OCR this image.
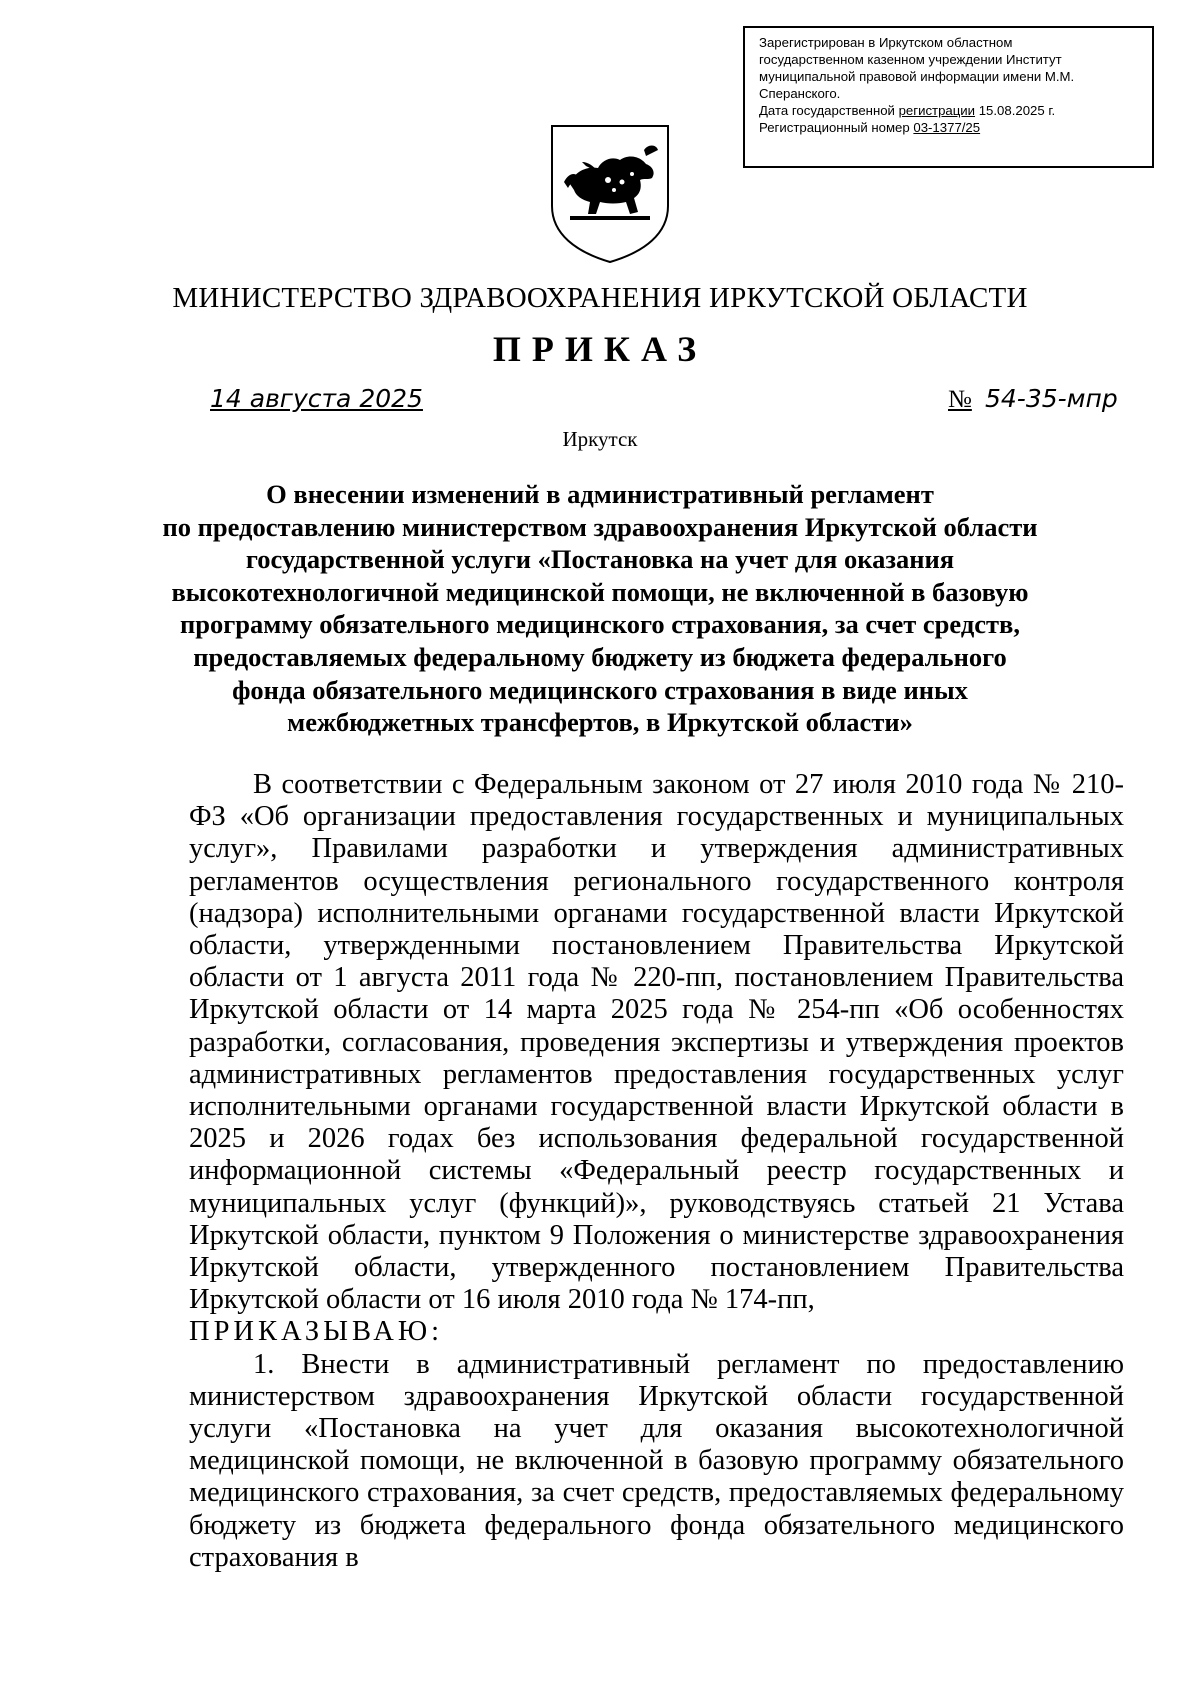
Зарегистрирован в Иркутском областном
государственном казенном учреждении Институт
муниципальной правовой информации имени М.М.
Сперанского.
Дата государственной регистрации 15.08.2025 г.
Регистрационный номер 03-1377/25
МИНИСТЕРСТВО ЗДРАВООХРАНЕНИЯ ИРКУТСКОЙ ОБЛАСТИ
ПРИКАЗ
14 августа 2025	№ 54-35-мпр
Иркутск
О внесении изменений в административный регламент
по предоставлению министерством здравоохранения Иркутской области
государственной услуги «Постановка на учет для оказания
высокотехнологичной медицинской помощи, не включенной в базовую
программу обязательного медицинского страхования, за счет средств,
предоставляемых федеральному бюджету из бюджета федерального
фонда обязательного медицинского страхования в виде иных
межбюджетных трансфертов, в Иркутской области»

В соответствии с Федеральным законом от 27 июля 2010 года № 210-ФЗ «Об организации предоставления государственных и муниципальных услуг», Правилами разработки и утверждения административных регламентов осуществления регионального государственного контроля (надзора) исполнительными органами государственной власти Иркутской области, утвержденными постановлением Правительства Иркутской области от 1 августа 2011 года № 220-пп, постановлением Правительства Иркутской области от 14 марта 2025 года № 254-пп «Об особенностях разработки, согласования, проведения экспертизы и утверждения проектов административных регламентов предоставления государственных услуг исполнительными органами государственной власти Иркутской области в 2025 и 2026 годах без использования федеральной государственной информационной системы «Федеральный реестр государственных и муниципальных услуг (функций)», руководствуясь статьей 21 Устава Иркутской области, пунктом 9 Положения о министерстве здравоохранения Иркутской области, утвержденного постановлением Правительства Иркутской области от 16 июля 2010 года № 174-пп,

ПРИКАЗЫВАЮ:

1. Внести в административный регламент по предоставлению министерством здравоохранения Иркутской области государственной услуги «Постановка на учет для оказания высокотехнологичной медицинской помощи, не включенной в базовую программу обязательного медицинского страхования, за счет средств, предоставляемых федеральному бюджету из бюджета федерального фонда обязательного медицинского страхования в
